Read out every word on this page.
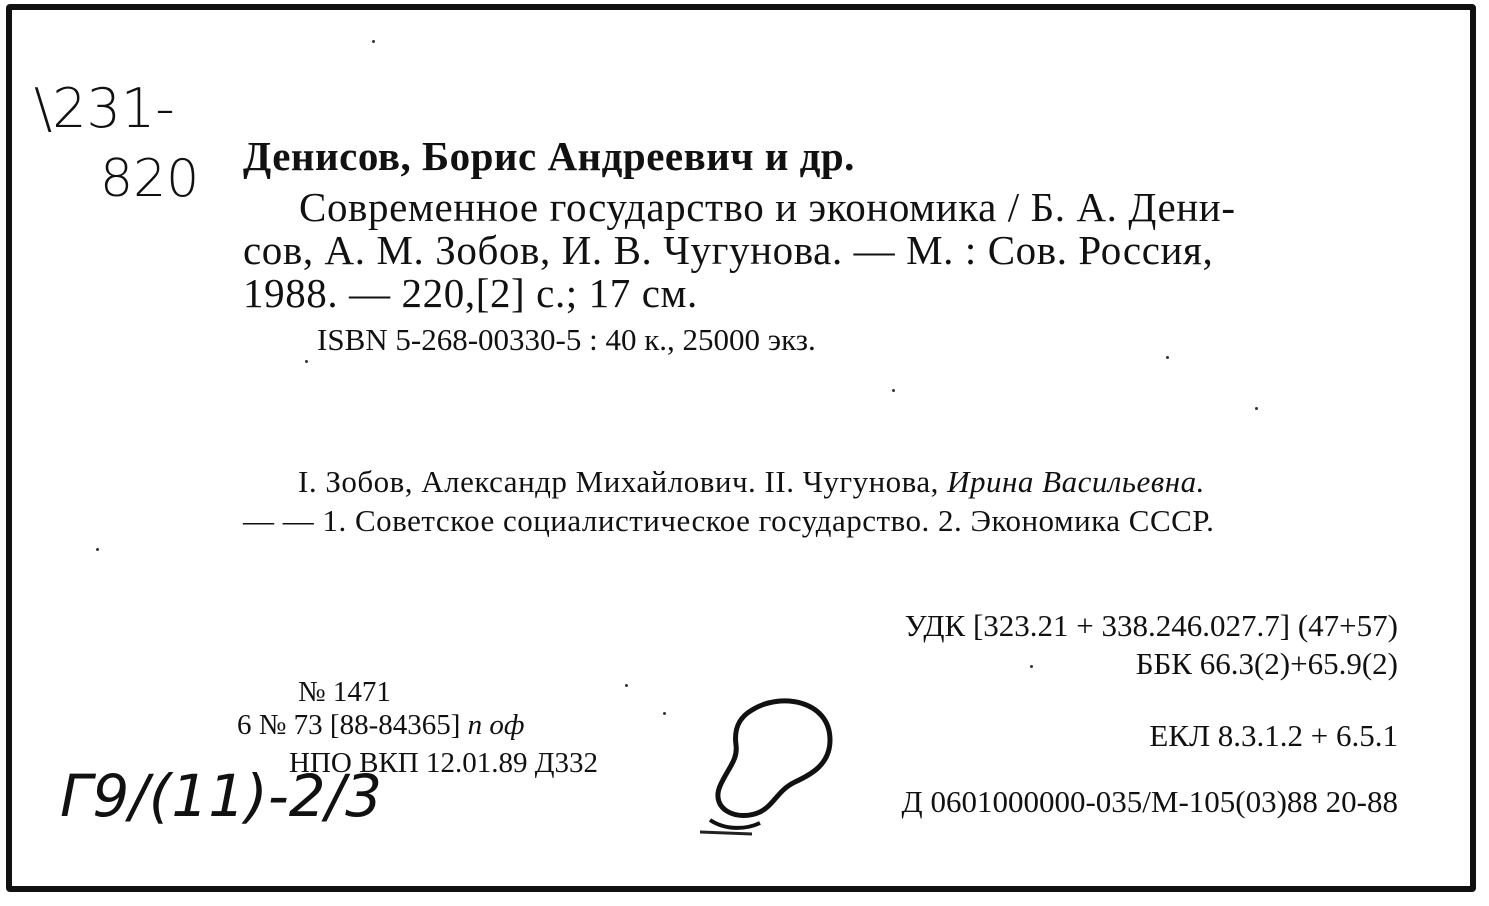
\231-
820 Денисов, Борис Андреевич и др.
Современное государство и экономика / Б. А. Дени-
сов, А. М. Зобов, И. В. Чугунова. — М. : Сов. Россия,
1988. — 220,[2] с.; 17 см.
ISBN 5-268-00330-5 : 40 к., 25000 экз.
I. Зобов, Александр Михайлович. II. Чугунова, Ирина Васильевна.
— — 1. Советское социалистическое государство. 2. Экономика СССР.
УДК [323.21 + 338.246.027.7] (47+57)
ББК 66.3(2)+65.9(2)
ЕКЛ 8.3.1.2 + 6.5.1
Д 0601000000-035/М-105(03)88 20-88
№ 1471
6 № 73 [88-84365] п оф
НПО ВКП 12.01.89 Д332
Г9/(11)-2/3
